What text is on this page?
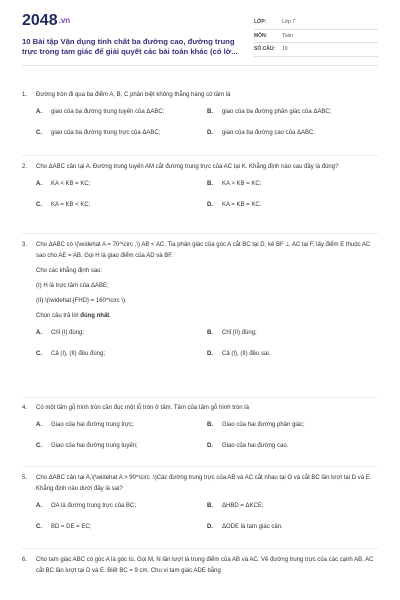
2048.vn
10 Bài tập Vận dụng tính chất ba đường cao, đường trung trực trong tam giác để giải quyết các bài toán khác (có lờ...
LỚP:	Lớp 7
MÔN:	Toán
SỐ CÂU:	10
1.	Đường tròn đi qua ba điểm A, B, C phân biệt không thẳng hàng có tâm là
A.	giao của ba đường trung tuyến của ΔABC;	B.	giao của ba đường phân giác của ΔABC;
C.	giao của ba đường trung trực của ΔABC;	D.	giao của ba đường cao của ΔABC.
2.	Cho ΔABC cân tại A. Đường trung tuyến AM cắt đường trung trực của AC tại K. Khẳng định nào sau đây là đúng?
A.	KA < KB = KC;	B.	KA > KB = KC;
C.	KA = KB < KC;	D.	KA = KB = KC.
3.	Cho ΔABC có \(\widehat A = 70^\circ ,\) AB < AC. Tia phân giác của góc A cắt BC tại D, kẻ BF ⊥ AC tại F, lấy điểm E thuộc AC sao cho AE = AB. Gọi H là giao điểm của AD và BF.
Cho các khẳng định sau:
(I) H là trực tâm của ΔABE;
(II) \(\widehat {FHD} = 160^\circ \).
Chọn câu trả lời đúng nhất.
A.	Chỉ (I) đúng;	B.	Chỉ (II) đúng;
C.	Cả (I), (II) đều đúng;	D.	Cả (I), (II) đều sai.
4.	Có một tấm gỗ hình tròn cần đục một lỗ tròn ở tâm. Tâm của tấm gỗ hình tròn là
A.	Giao của hai đường trung trực;	B.	Giao của hai đường phân giác;
C.	Giao của hai đường trung tuyến;	D.	Giao của hai đường cao.
5.	Cho ΔABC cân tại A,\(\widehat A > 90^\circ .\)Các đường trung trực của AB và AC cắt nhau tại O và cắt BC lần lượt tại D và E. Khẳng định nào dưới đây là sai?
A.	OA là đường trung trực của BC;	B.	ΔHBD = ΔKCE;
C.	BD = DE = EC;	D.	ΔODE là tam giác cân.
6.	Cho tam giác ABC có góc A là góc tù. Gọi M, N lần lượt là trung điểm của AB và AC. Vẽ đường trung trực của các cạnh AB, AC cắt BC lần lượt tại D và E. Biết BC = 9 cm. Chu vi tam giác ADE bằng
